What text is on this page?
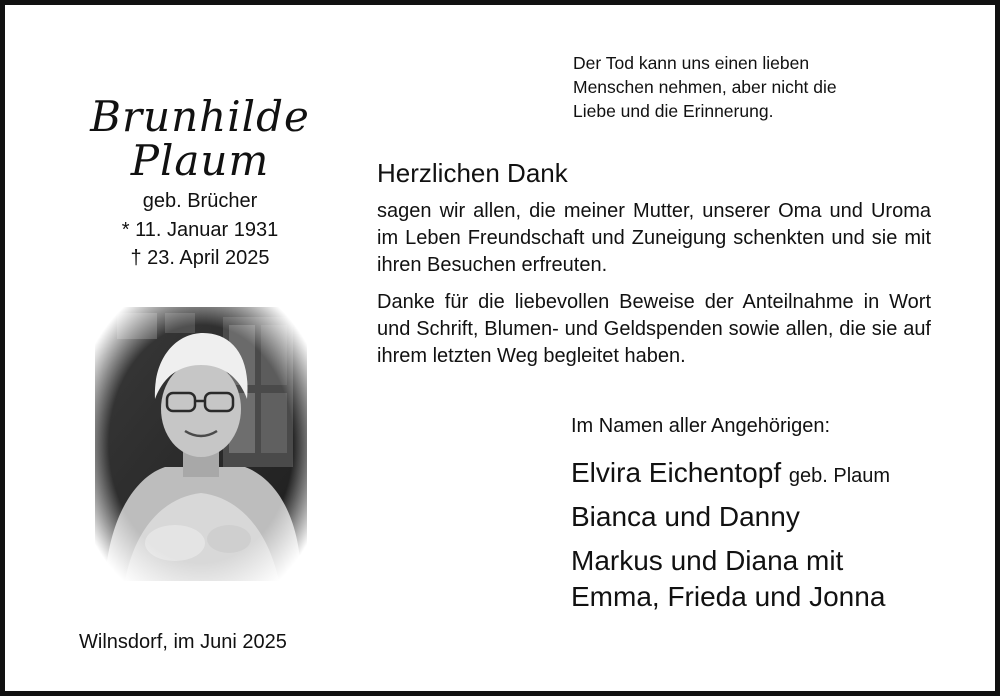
Brunhilde
Plaum
geb. Brücher
* 11. Januar 1931
† 23. April 2025
Wilnsdorf, im Juni 2025
Der Tod kann uns einen lieben
Menschen nehmen, aber nicht die
Liebe und die Erinnerung.
Herzlichen Dank
sagen wir allen, die meiner Mutter, unserer Oma und Uroma im Leben Freundschaft und Zuneigung schenkten und sie mit ihren Besuchen erfreuten.
Danke für die liebevollen Beweise der Anteilnahme in Wort und Schrift, Blumen- und Geldspenden sowie allen, die sie auf ihrem letzten Weg begleitet haben.
Im Namen aller Angehörigen:
Elvira Eichentopf geb. Plaum
Bianca und Danny
Markus und Diana mit
Emma, Frieda und Jonna
